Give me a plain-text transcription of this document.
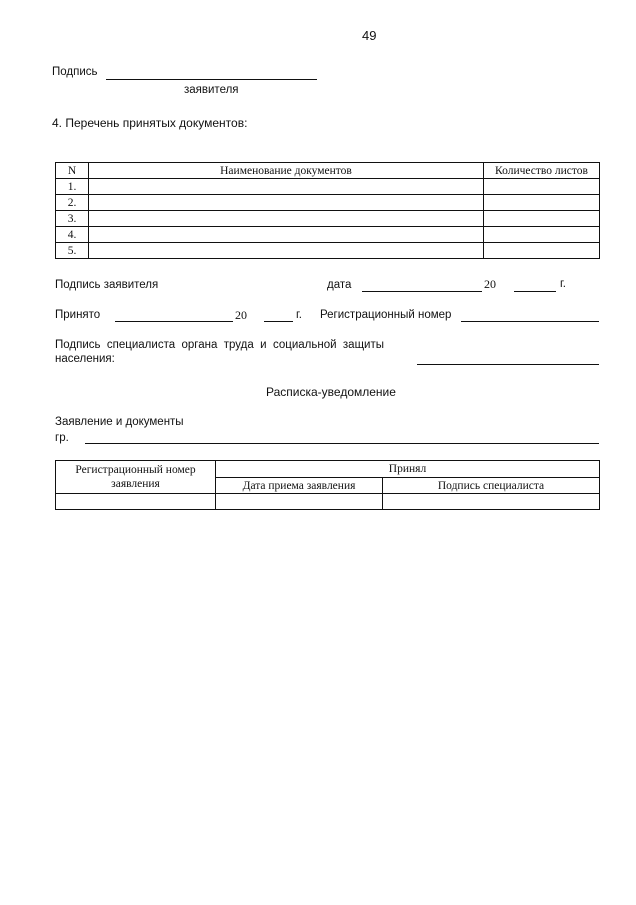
49
Подпись
заявителя
4. Перечень принятых документов:
N	Наименование документов	Количество листов
1.		
2.		
3.		
4.		
5.		
Подпись заявителя	дата	20	г.
Принято	20	г. Регистрационный номер
Подпись  специалиста  органа  труда  и  социальной  защиты
населения:
Расписка-уведомление
Заявление и документы
гр.
Регистрационный номер заявления	Принял	
	Дата приема заявления	Подпись специалиста
